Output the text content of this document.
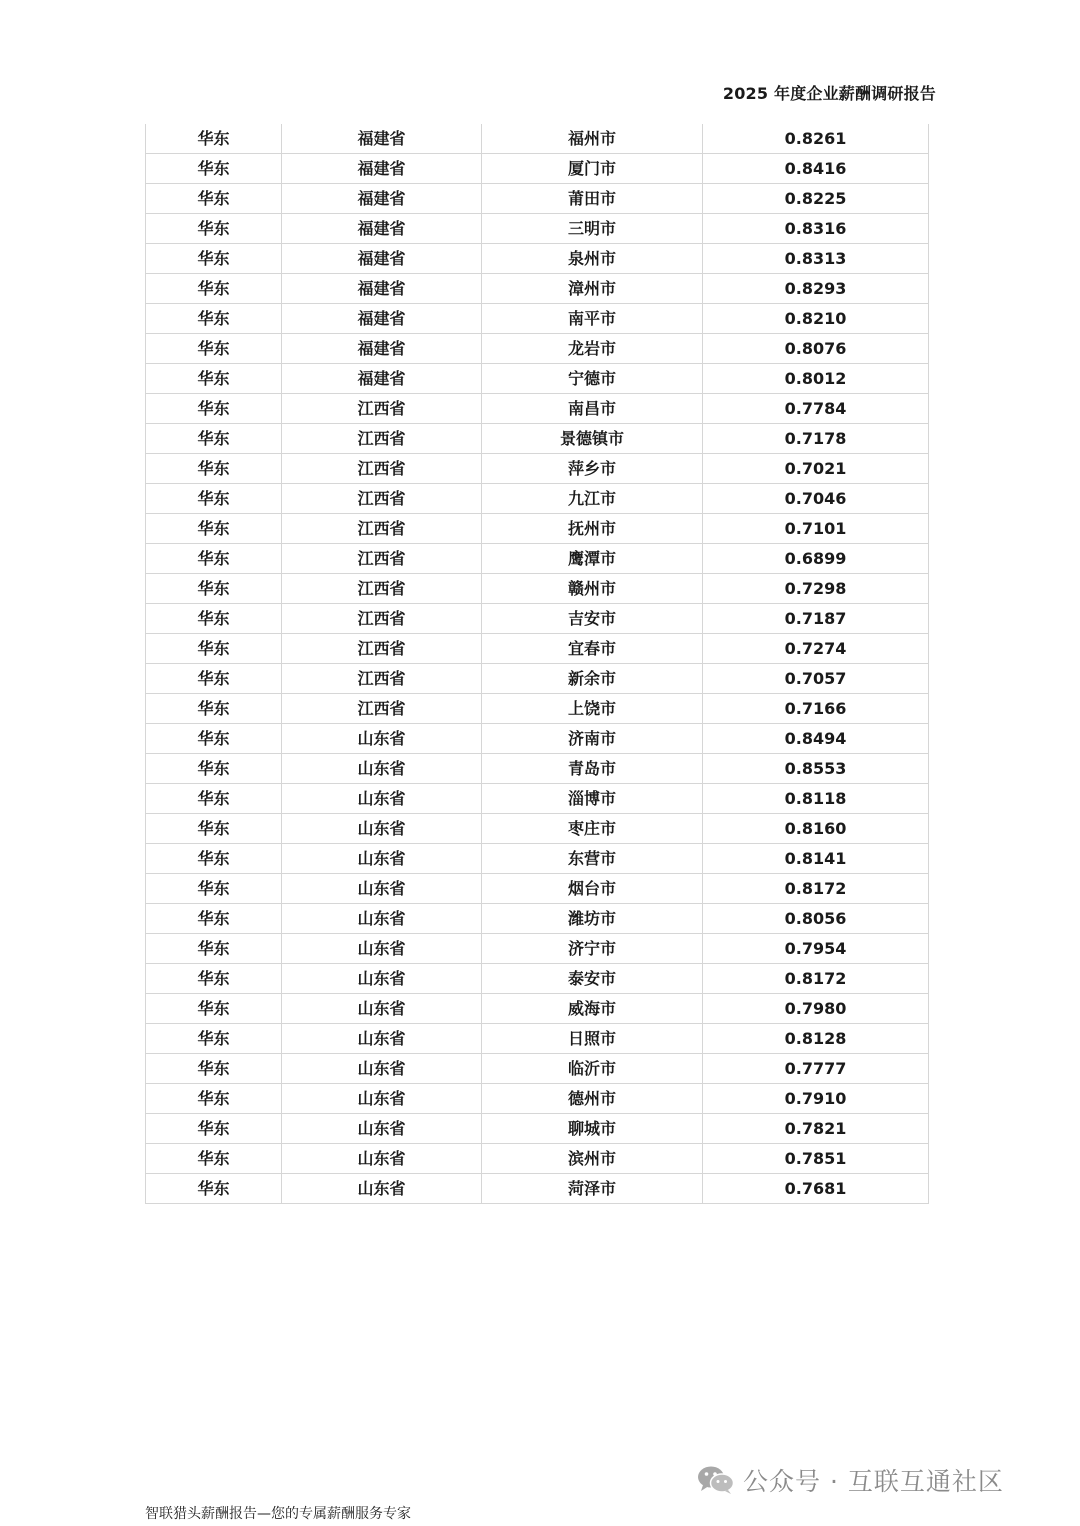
2025 年度企业薪酬调研报告
华东	福建省	福州市	0.8261
华东	福建省	厦门市	0.8416
华东	福建省	莆田市	0.8225
华东	福建省	三明市	0.8316
华东	福建省	泉州市	0.8313
华东	福建省	漳州市	0.8293
华东	福建省	南平市	0.8210
华东	福建省	龙岩市	0.8076
华东	福建省	宁德市	0.8012
华东	江西省	南昌市	0.7784
华东	江西省	景德镇市	0.7178
华东	江西省	萍乡市	0.7021
华东	江西省	九江市	0.7046
华东	江西省	抚州市	0.7101
华东	江西省	鹰潭市	0.6899
华东	江西省	赣州市	0.7298
华东	江西省	吉安市	0.7187
华东	江西省	宜春市	0.7274
华东	江西省	新余市	0.7057
华东	江西省	上饶市	0.7166
华东	山东省	济南市	0.8494
华东	山东省	青岛市	0.8553
华东	山东省	淄博市	0.8118
华东	山东省	枣庄市	0.8160
华东	山东省	东营市	0.8141
华东	山东省	烟台市	0.8172
华东	山东省	潍坊市	0.8056
华东	山东省	济宁市	0.7954
华东	山东省	泰安市	0.8172
华东	山东省	威海市	0.7980
华东	山东省	日照市	0.8128
华东	山东省	临沂市	0.7777
华东	山东省	德州市	0.7910
华东	山东省	聊城市	0.7821
华东	山东省	滨州市	0.7851
华东	山东省	菏泽市	0.7681
公众号 · 互联互通社区
智联猎头薪酬报告—您的专属薪酬服务专家
